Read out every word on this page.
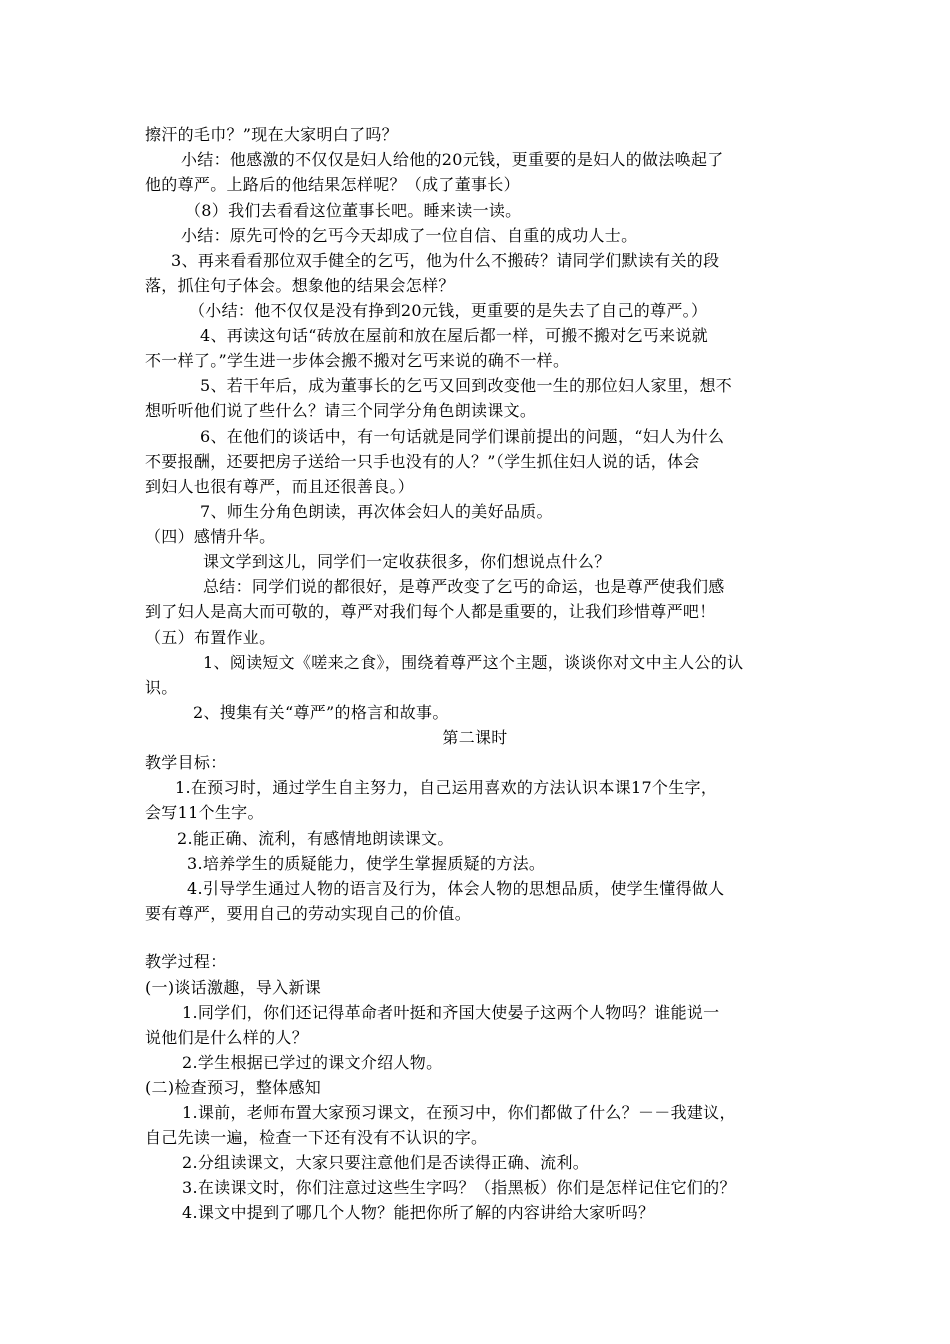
擦汗的毛巾？”现在大家明白了吗？
小结：他感激的不仅仅是妇人给他的20元钱，更重要的是妇人的做法唤起了
他的尊严。上路后的他结果怎样呢？（成了董事长）
（8）我们去看看这位董事长吧。睡来读一读。
小结：原先可怜的乞丐今天却成了一位自信、自重的成功人士。
3、再来看看那位双手健全的乞丐，他为什么不搬砖？请同学们默读有关的段
落，抓住句子体会。想象他的结果会怎样？
（小结：他不仅仅是没有挣到20元钱，更重要的是失去了自己的尊严。）
4、再读这句话“砖放在屋前和放在屋后都一样，可搬不搬对乞丐来说就
不一样了。”学生进一步体会搬不搬对乞丐来说的确不一样。
5、若干年后，成为董事长的乞丐又回到改变他一生的那位妇人家里，想不
想听听他们说了些什么？请三个同学分角色朗读课文。
6、在他们的谈话中，有一句话就是同学们课前提出的问题，“妇人为什么
不要报酬，还要把房子送给一只手也没有的人？”（学生抓住妇人说的话，体会
到妇人也很有尊严，而且还很善良。）
7、师生分角色朗读，再次体会妇人的美好品质。
（四）感情升华。
课文学到这儿，同学们一定收获很多，你们想说点什么？
总结：同学们说的都很好，是尊严改变了乞丐的命运，也是尊严使我们感
到了妇人是高大而可敬的，尊严对我们每个人都是重要的，让我们珍惜尊严吧！
（五）布置作业。
1、阅读短文《嗟来之食》，围绕着尊严这个主题，谈谈你对文中主人公的认
识。
2、搜集有关“尊严”的格言和故事。
第二课时
教学目标：
1.在预习时，通过学生自主努力，自己运用喜欢的方法认识本课17个生字，
会写11个生字。
2.能正确、流利，有感情地朗读课文。
3.培养学生的质疑能力，使学生掌握质疑的方法。
4.引导学生通过人物的语言及行为，体会人物的思想品质，使学生懂得做人
要有尊严，要用自己的劳动实现自己的价值。
教学过程：
(一)谈话激趣，导入新课
1.同学们，你们还记得革命者叶挺和齐国大使晏子这两个人物吗？谁能说一
说他们是什么样的人？
2.学生根据已学过的课文介绍人物。
(二)检查预习，整体感知
1.课前，老师布置大家预习课文，在预习中，你们都做了什么？－－我建议，
自己先读一遍，检查一下还有没有不认识的字。
2.分组读课文，大家只要注意他们是否读得正确、流利。
3.在读课文时，你们注意过这些生字吗？（指黑板）你们是怎样记住它们的？
4.课文中提到了哪几个人物？能把你所了解的内容讲给大家听吗？
